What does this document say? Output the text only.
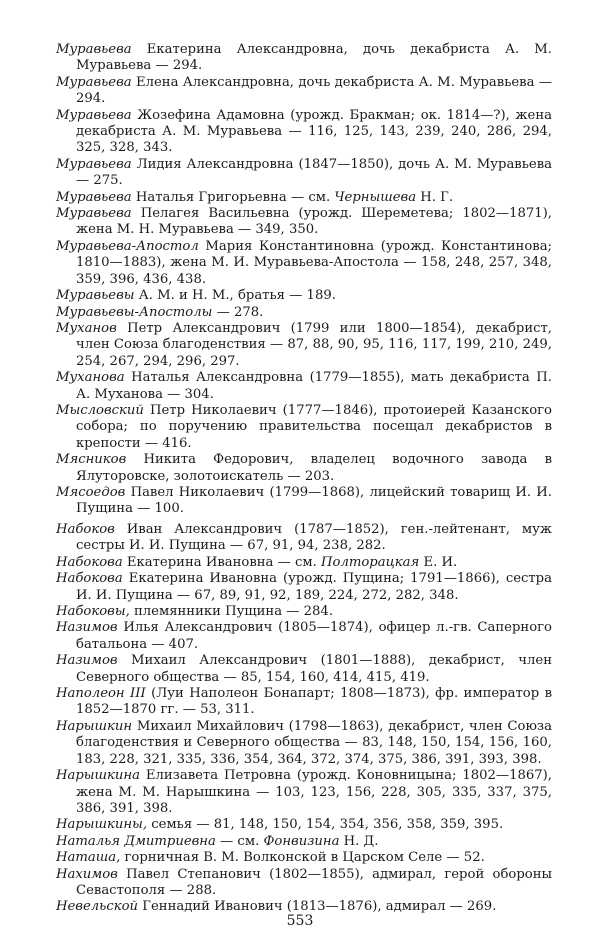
Муравьева Екатерина Александровна, дочь декабриста А. М. Муравьева — 294.
Муравьева Елена Александровна, дочь декабриста А. М. Муравьева — 294.
Муравьева Жозефина Адамовна (урожд. Бракман; ок. 1814—?), жена декабриста А. М. Муравьева — 116, 125, 143, 239, 240, 286, 294, 325, 328, 343.
Муравьева Лидия Александровна (1847—1850), дочь А. М. Муравьева — 275.
Муравьева Наталья Григорьевна — см. Чернышева Н. Г.
Муравьева Пелагея Васильевна (урожд. Шереметева; 1802—1871), жена М. Н. Муравьева — 349, 350.
Муравьева-Апостол Мария Константиновна (урожд. Константинова; 1810—1883), жена М. И. Муравьева-Апостола — 158, 248, 257, 348, 359, 396, 436, 438.
Муравьевы А. М. и Н. М., братья — 189.
Муравьевы-Апостолы — 278.
Муханов Петр Александрович (1799 или 1800—1854), декабрист, член Союза благоденствия — 87, 88, 90, 95, 116, 117, 199, 210, 249, 254, 267, 294, 296, 297.
Муханова Наталья Александровна (1779—1855), мать декабриста П. А. Муханова — 304.
Мысловский Петр Николаевич (1777—1846), протоиерей Казанского собора; по поручению правительства посещал декабристов в крепости — 416.
Мясников Никита Федорович, владелец водочного завода в Ялуторовске, золотоискатель — 203.
Мясоедов Павел Николаевич (1799—1868), лицейский товарищ И. И. Пущина — 100.
Набоков Иван Александрович (1787—1852), ген.-лейтенант, муж сестры И. И. Пущина — 67, 91, 94, 238, 282.
Набокова Екатерина Ивановна — см. Полторацкая Е. И.
Набокова Екатерина Ивановна (урожд. Пущина; 1791—1866), сестра И. И. Пущина — 67, 89, 91, 92, 189, 224, 272, 282, 348.
Набоковы, племянники Пущина — 284.
Назимов Илья Александрович (1805—1874), офицер л.-гв. Саперного батальона — 407.
Назимов Михаил Александрович (1801—1888), декабрист, член Северного общества — 85, 154, 160, 414, 415, 419.
Наполеон III (Луи Наполеон Бонапарт; 1808—1873), фр. император в 1852—1870 гг. — 53, 311.
Нарышкин Михаил Михайлович (1798—1863), декабрист, член Союза благоденствия и Северного общества — 83, 148, 150, 154, 156, 160, 183, 228, 321, 335, 336, 354, 364, 372, 374, 375, 386, 391, 393, 398.
Нарышкина Елизавета Петровна (урожд. Коновницына; 1802—1867), жена М. М. Нарышкина — 103, 123, 156, 228, 305, 335, 337, 375, 386, 391, 398.
Нарышкины, семья — 81, 148, 150, 154, 354, 356, 358, 359, 395.
Наталья Дмитриевна — см. Фонвизина Н. Д.
Наташа, горничная В. М. Волконской в Царском Селе — 52.
Нахимов Павел Степанович (1802—1855), адмирал, герой обороны Севастополя — 288.
Невельской Геннадий Иванович (1813—1876), адмирал — 269.
553
